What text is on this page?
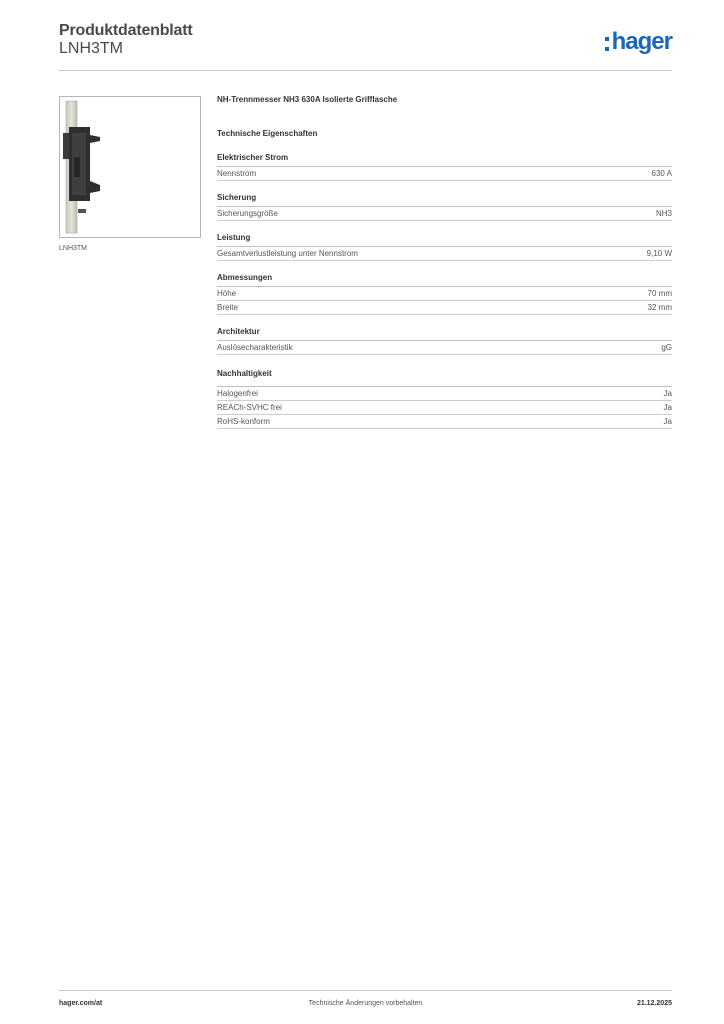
Produktdatenblatt
LNH3TM	hager
LNH3TM
NH-Trennmesser NH3 630A Isolierte Grifflasche
Technische Eigenschaften
Elektrischer Strom
Nennstrom	630 A
Sicherung
Sicherungsgröße	NH3
Leistung
Gesamtverlustleistung unter Nennstrom	9,10 W
Abmessungen
Höhe	70 mm
Breite	32 mm
Architektur
Auslösecharakteristik	gG
Nachhaltigkeit
Halogenfrei	Ja
REACh-SVHC frei	Ja
RoHS-konform	Ja
hager.com/at	Technische Änderungen vorbehalten	21.12.2025
